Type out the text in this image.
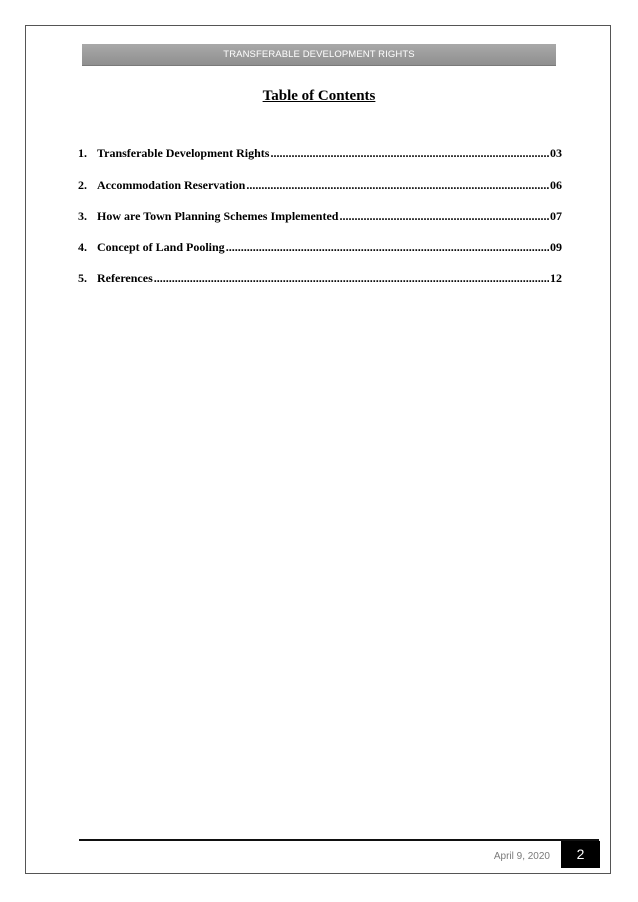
TRANSFERABLE DEVELOPMENT RIGHTS
Table of Contents
1. Transferable Development Rights .....	03
2. Accommodation Reservation .....	06
3. How are Town Planning Schemes Implemented .....	07
4. Concept of Land Pooling .....	09
5. References .....	12
April 9, 2020	2
